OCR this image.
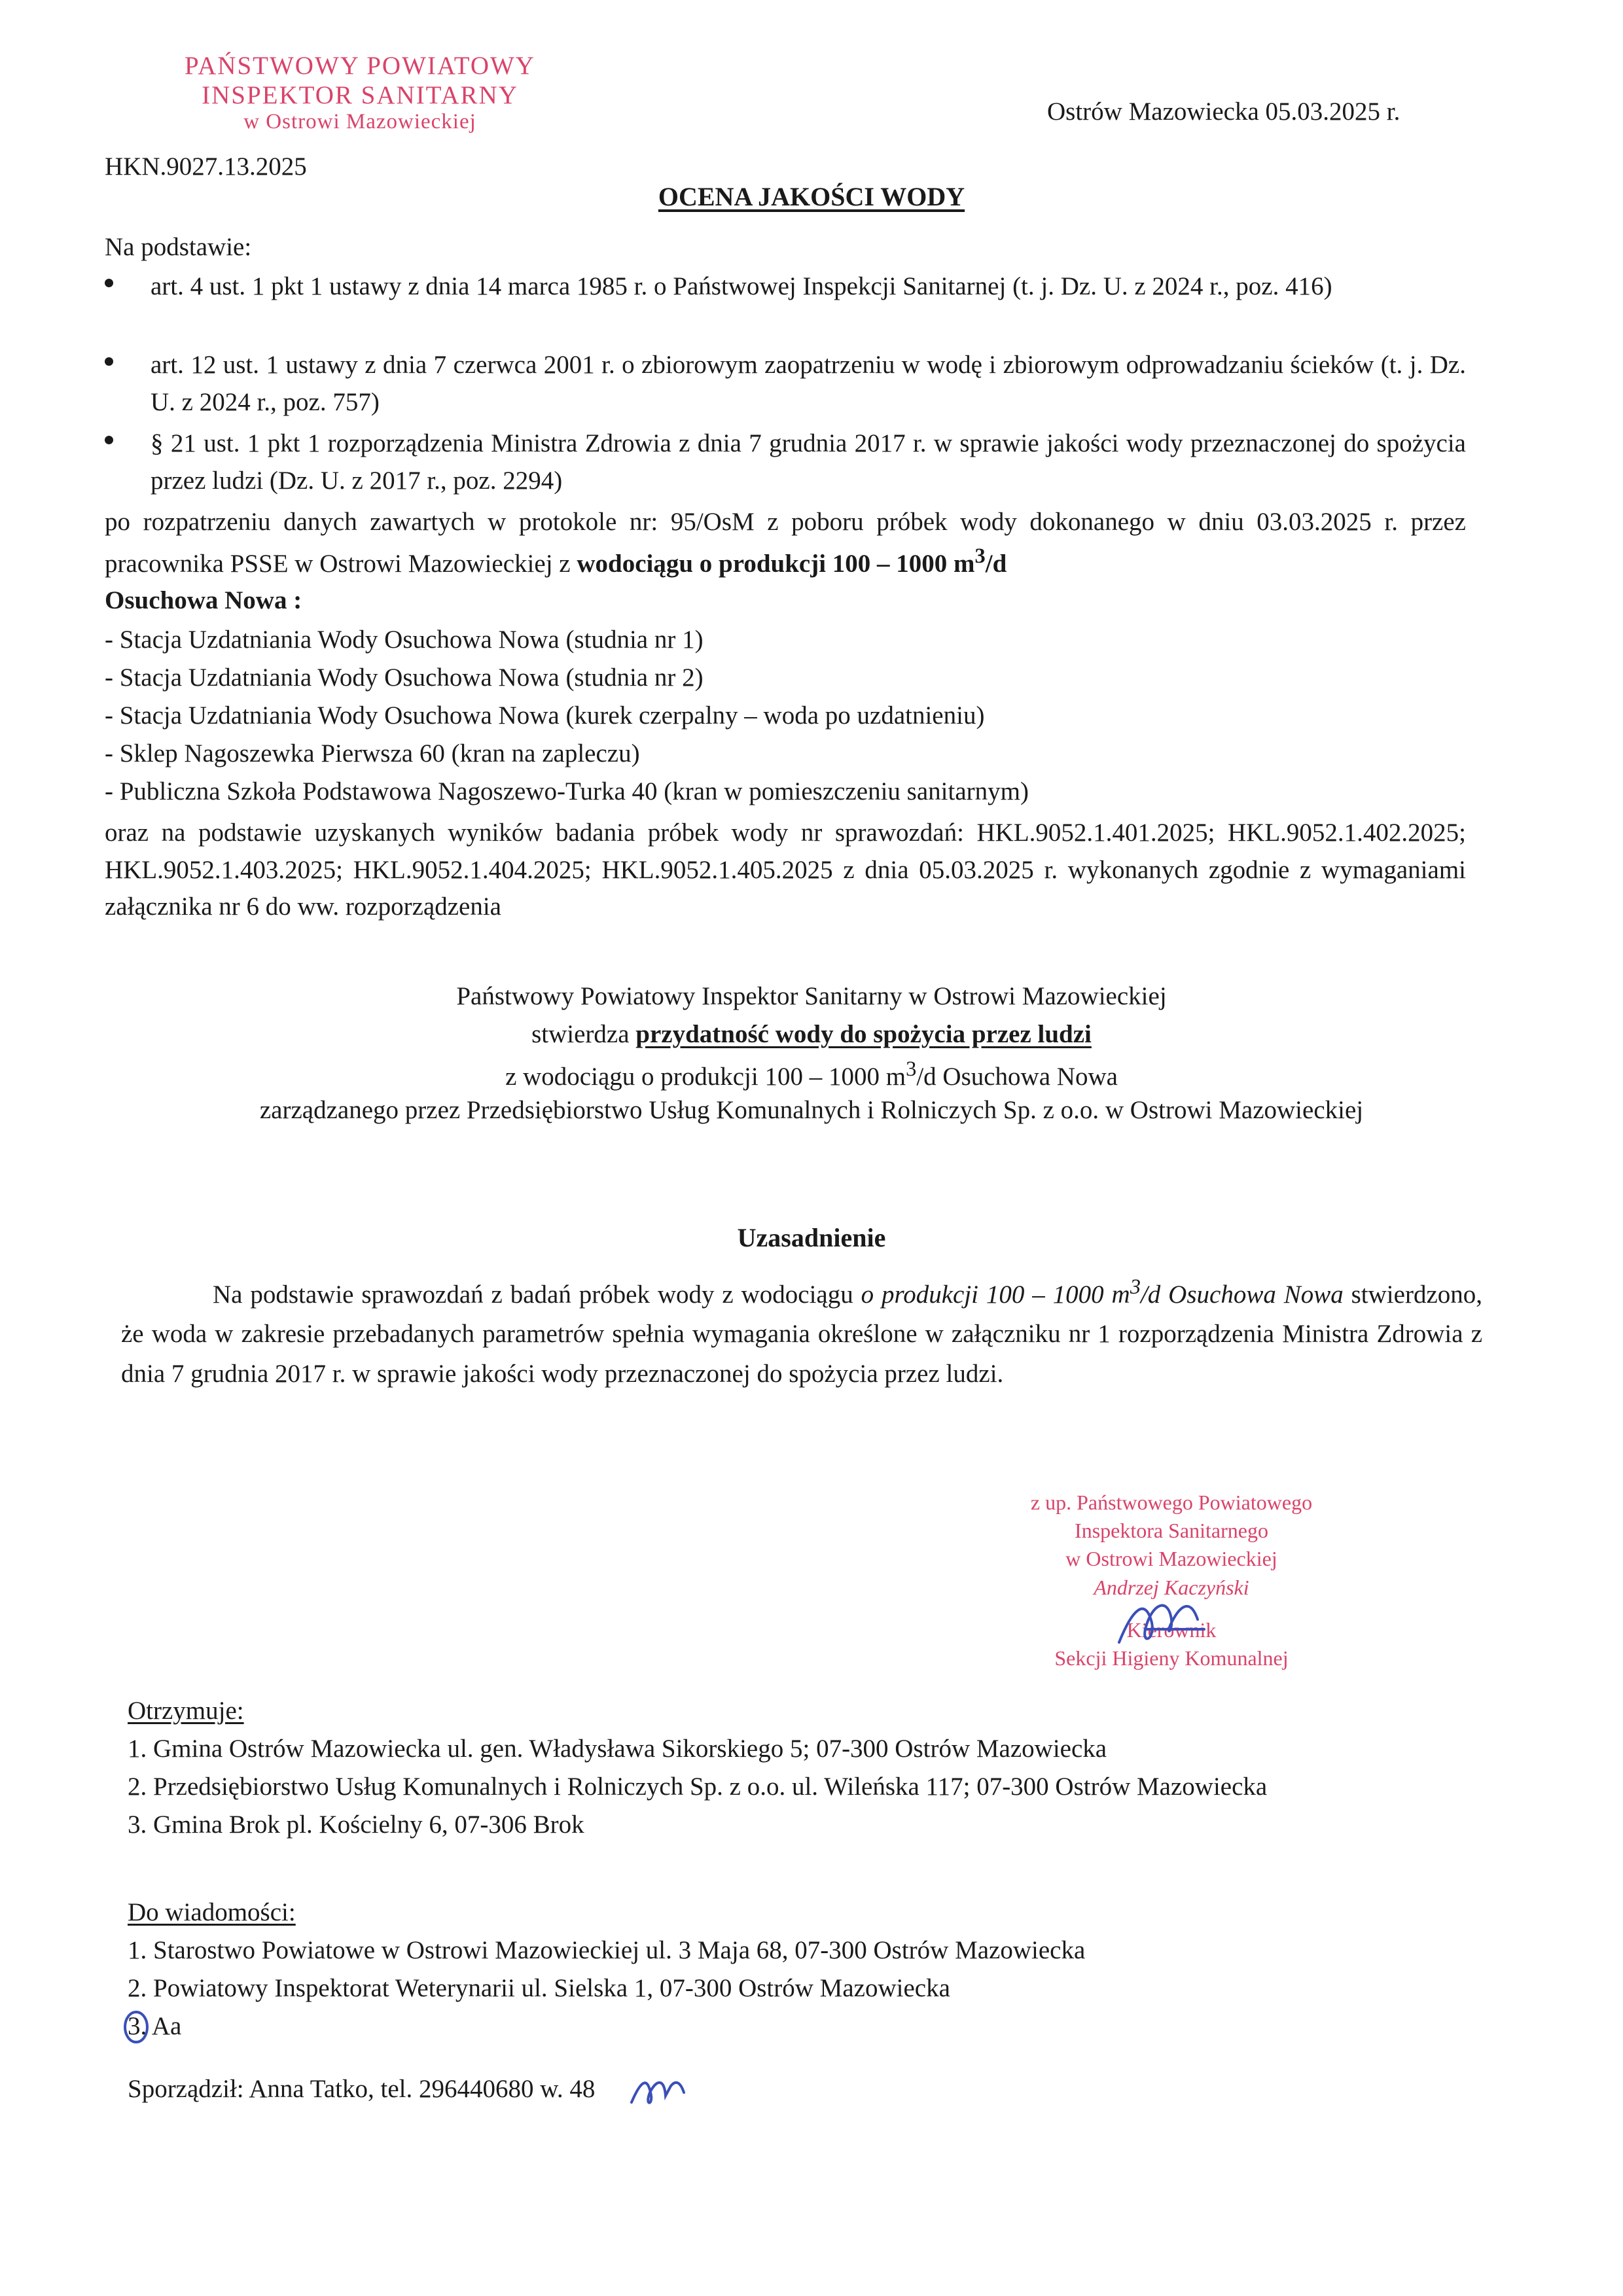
PAŃSTWOWY POWIATOWY
INSPEKTOR SANITARNY
w Ostrowi Mazowieckiej
HKN.9027.13.2025
Ostrów Mazowiecka 05.03.2025 r.
OCENA JAKOŚCI WODY
Na podstawie:
art. 4 ust. 1 pkt 1 ustawy z dnia 14 marca 1985 r. o Państwowej Inspekcji Sanitarnej (t. j. Dz. U. z 2024 r., poz. 416)
art. 12 ust. 1 ustawy z dnia 7 czerwca 2001 r. o zbiorowym zaopatrzeniu w wodę i zbiorowym odprowadzaniu ścieków (t. j. Dz. U. z 2024 r., poz. 757)
§ 21 ust. 1 pkt 1 rozporządzenia Ministra Zdrowia z dnia 7 grudnia 2017 r. w sprawie jakości wody przeznaczonej do spożycia przez ludzi (Dz. U. z 2017 r., poz. 2294)
po rozpatrzeniu danych zawartych w protokole nr: 95/OsM z poboru próbek wody dokonanego w dniu 03.03.2025 r. przez pracownika PSSE w Ostrowi Mazowieckiej z wodociągu o produkcji 100 – 1000 $m^3/d$
Osuchowa Nowa :
- Stacja Uzdatniania Wody Osuchowa Nowa (studnia nr 1)
- Stacja Uzdatniania Wody Osuchowa Nowa (studnia nr 2)
- Stacja Uzdatniania Wody Osuchowa Nowa (kurek czerpalny – woda po uzdatnieniu)
- Sklep Nagoszewka Pierwsza 60 (kran na zapleczu)
- Publiczna Szkoła Podstawowa Nagoszewo-Turka 40 (kran w pomieszczeniu sanitarnym)
oraz na podstawie uzyskanych wyników badania próbek wody nr sprawozdań: HKL.9052.1.401.2025; HKL.9052.1.402.2025; HKL.9052.1.403.2025; HKL.9052.1.404.2025; HKL.9052.1.405.2025 z dnia 05.03.2025 r. wykonanych zgodnie z wymaganiami załącznika nr 6 do ww. rozporządzenia
Państwowy Powiatowy Inspektor Sanitarny w Ostrowi Mazowieckiej
stwierdza przydatność wody do spożycia przez ludzi
z wodociągu o produkcji 100 – 1000 $m^3/d$ Osuchowa Nowa
zarządzanego przez Przedsiębiorstwo Usług Komunalnych i Rolniczych Sp. z o.o. w Ostrowi Mazowieckiej
Uzasadnienie
Na podstawie sprawozdań z badań próbek wody z wodociągu o produkcji 100 – 1000 $m^3/d$ Osuchowa Nowa stwierdzono, że woda w zakresie przebadanych parametrów spełnia wymagania określone w załączniku nr 1 rozporządzenia Ministra Zdrowia z dnia 7 grudnia 2017 r. w sprawie jakości wody przeznaczonej do spożycia przez ludzi.
z up. Państwowego Powiatowego
Inspektora Sanitarnego
w Ostrowi Mazowieckiej
Andrzej Kaczyński
Kierownik
Sekcji Higieny Komunalnej
Otrzymuje:
1. Gmina Ostrów Mazowiecka ul. gen. Władysława Sikorskiego 5; 07-300 Ostrów Mazowiecka
2. Przedsiębiorstwo Usług Komunalnych i Rolniczych Sp. z o.o. ul. Wileńska 117; 07-300 Ostrów Mazowiecka
3. Gmina Brok pl. Kościelny 6, 07-306 Brok
Do wiadomości:
1. Starostwo Powiatowe w Ostrowi Mazowieckiej ul. 3 Maja 68, 07-300 Ostrów Mazowiecka
2. Powiatowy Inspektorat Weterynarii ul. Sielska 1, 07-300 Ostrów Mazowiecka
3. Aa
Sporządził: Anna Tatko, tel. 296440680 w. 48
